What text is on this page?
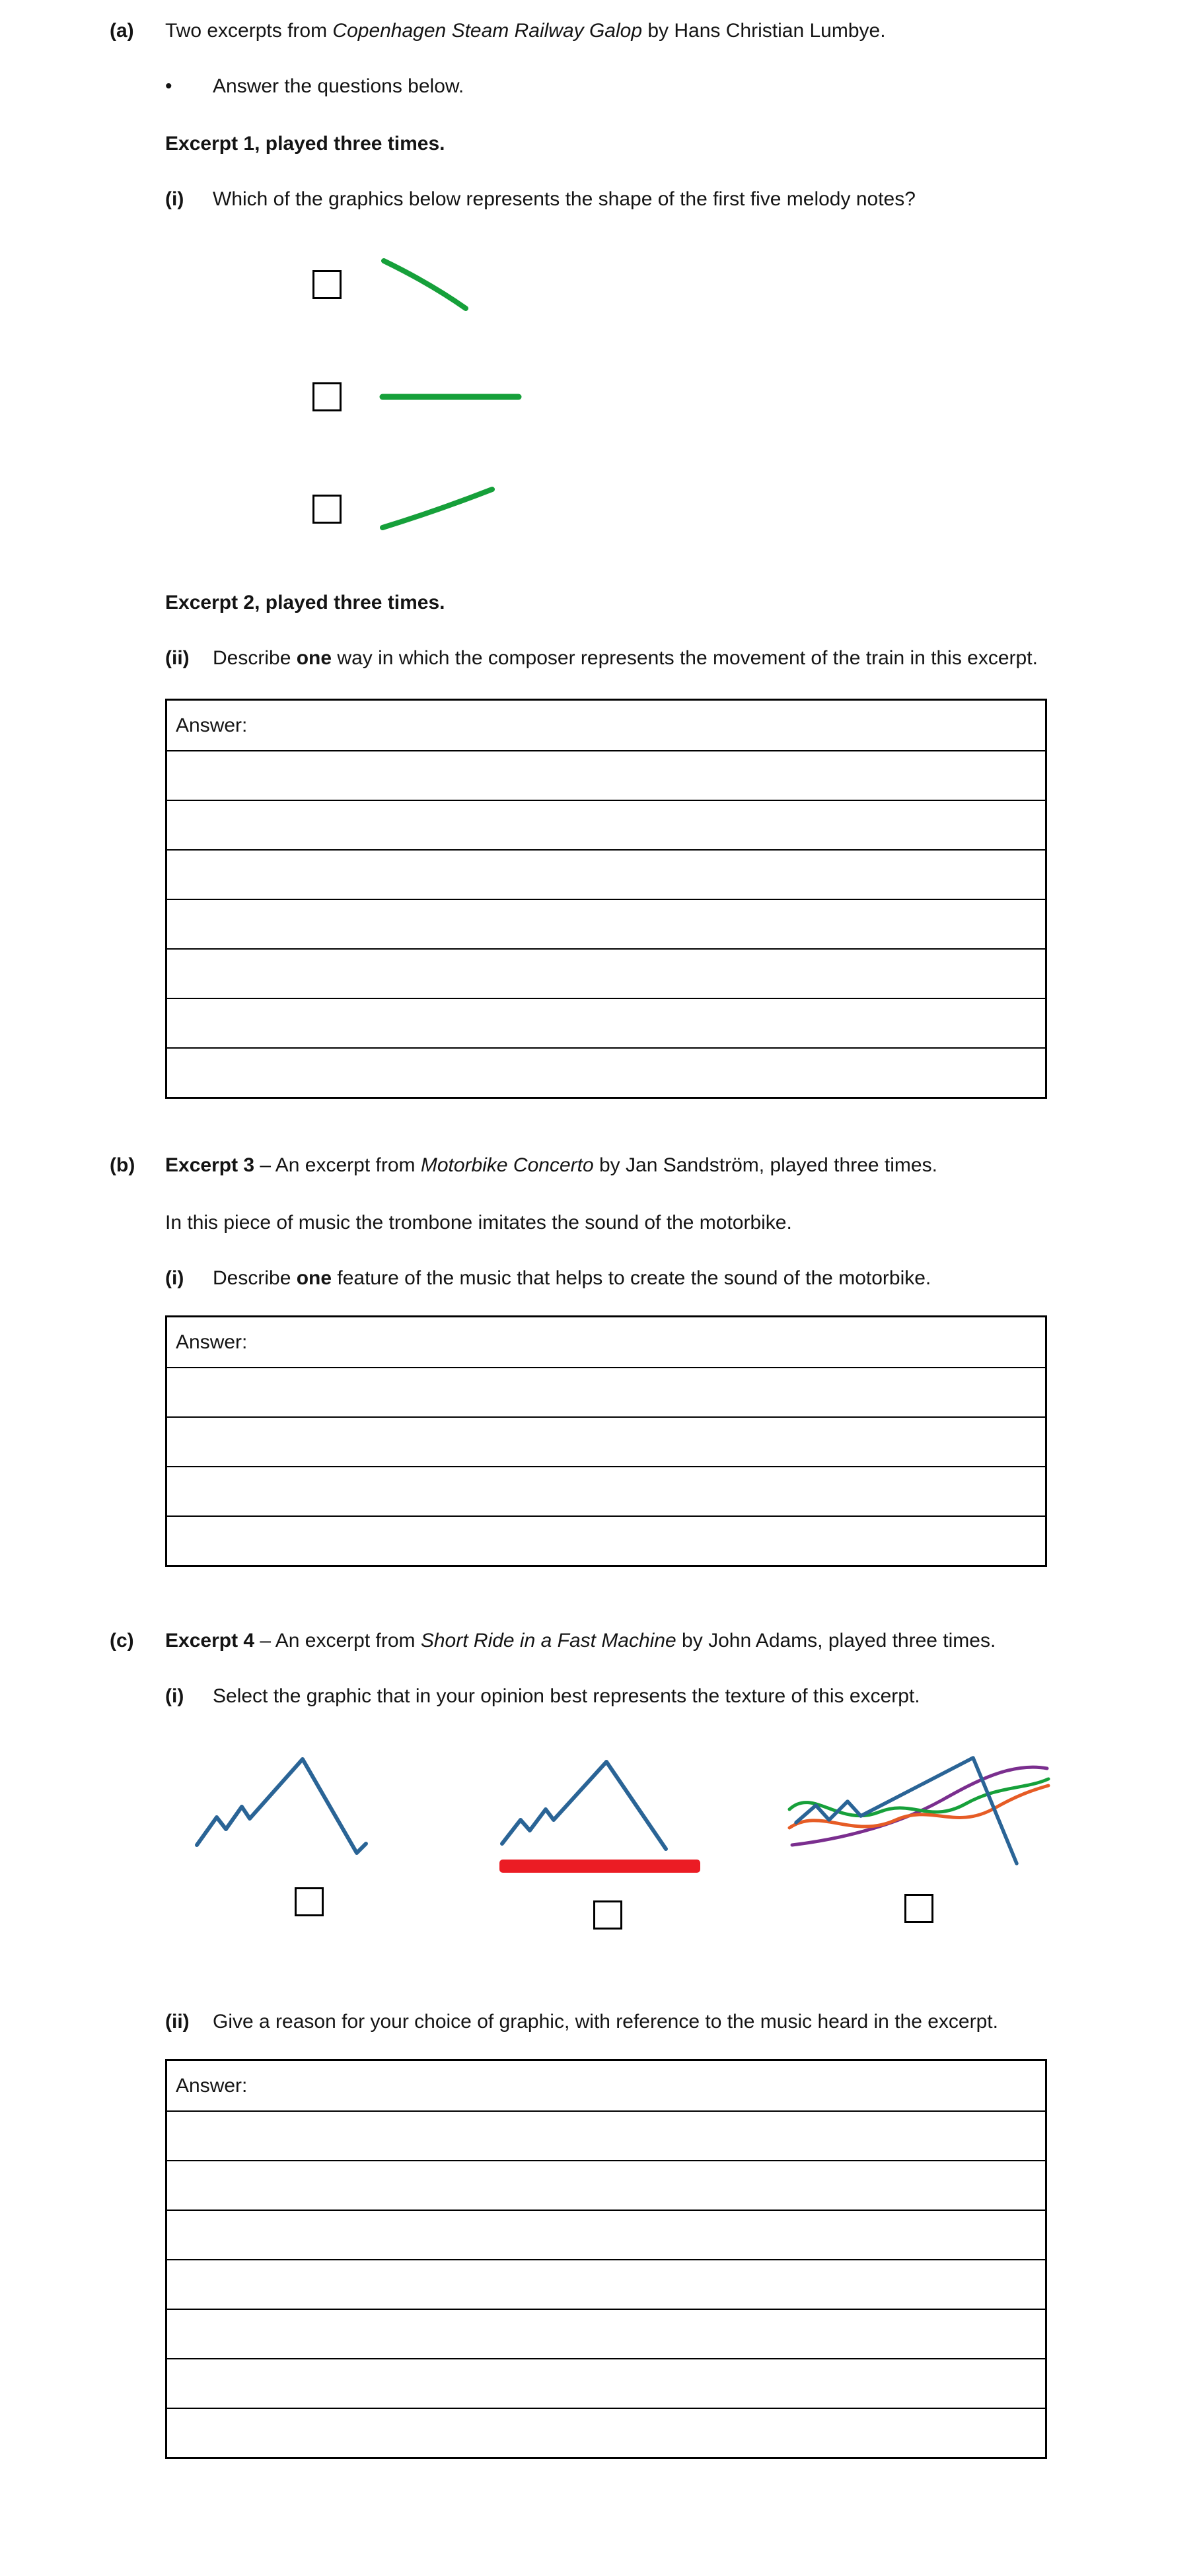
(a)	Two excerpts from Copenhagen Steam Railway Galop by Hans Christian Lumbye.

•	Answer the questions below.

Excerpt 1, played three times.

(i)	Which of the graphics below represents the shape of the first five melody notes?

Excerpt 2, played three times.

(ii)	Describe one way in which the composer represents the movement of the train in this excerpt.

Answer:
(b)	Excerpt 3 – An excerpt from Motorbike Concerto by Jan Sandström, played three times.

In this piece of music the trombone imitates the sound of the motorbike.

(i)	Describe one feature of the music that helps to create the sound of the motorbike.

Answer:
(c)	Excerpt 4 – An excerpt from Short Ride in a Fast Machine by John Adams, played three times.

(i)	Select the graphic that in your opinion best represents the texture of this excerpt.

(ii)	Give a reason for your choice of graphic, with reference to the music heard in the excerpt.

Answer:
